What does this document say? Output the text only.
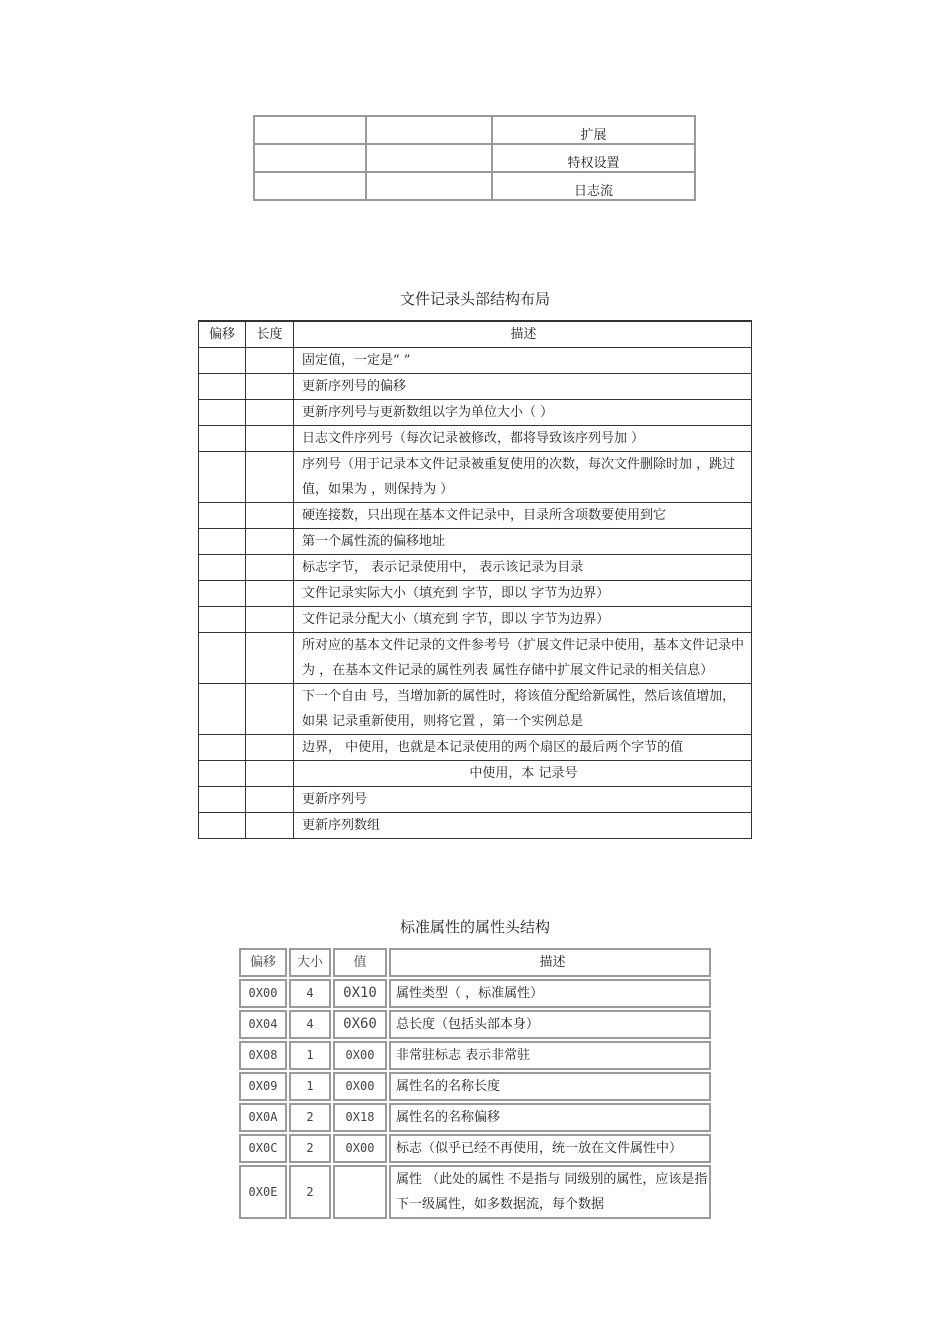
		扩展
		特权设置
		日志流
文件记录头部结构布局
偏移	长度	描述
		固定值，一定是“ ”
		更新序列号的偏移
		更新序列号与更新数组以字为单位大小（ ）
		日志文件序列号（每次记录被修改，都将导致该序列号加 ）
		序列号（用于记录本文件记录被重复使用的次数，每次文件删除时加 ，跳过 值，如果为 ，则保持为 ）
		硬连接数，只出现在基本文件记录中，目录所含项数要使用到它
		第一个属性流的偏移地址
		标志字节， 表示记录使用中， 表示该记录为目录
		文件记录实际大小（填充到 字节，即以 字节为边界）
		文件记录分配大小（填充到 字节，即以 字节为边界）
		所对应的基本文件记录的文件参考号（扩展文件记录中使用，基本文件记录中为 ，在基本文件记录的属性列表 属性存储中扩展文件记录的相关信息）
		下一个自由 号，当增加新的属性时，将该值分配给新属性，然后该值增加，如果 记录重新使用，则将它置 ，第一个实例总是
		边界， 中使用，也就是本记录使用的两个扇区的最后两个字节的值
		中使用，本 记录号
		更新序列号
		更新序列数组
标准属性的属性头结构
偏移	大小	值	描述
0X00	4	0X10	属性类型（ ，标准属性）
0X04	4	0X60	总长度（包括头部本身）
0X08	1	0X00	非常驻标志 表示非常驻
0X09	1	0X00	属性名的名称长度
0X0A	2	0X18	属性名的名称偏移
0X0C	2	0X00	标志（似乎已经不再使用，统一放在文件属性中）
0X0E	2		属性 （此处的属性 不是指与 同级别的属性，应该是指下一级属性，如多数据流，每个数据
